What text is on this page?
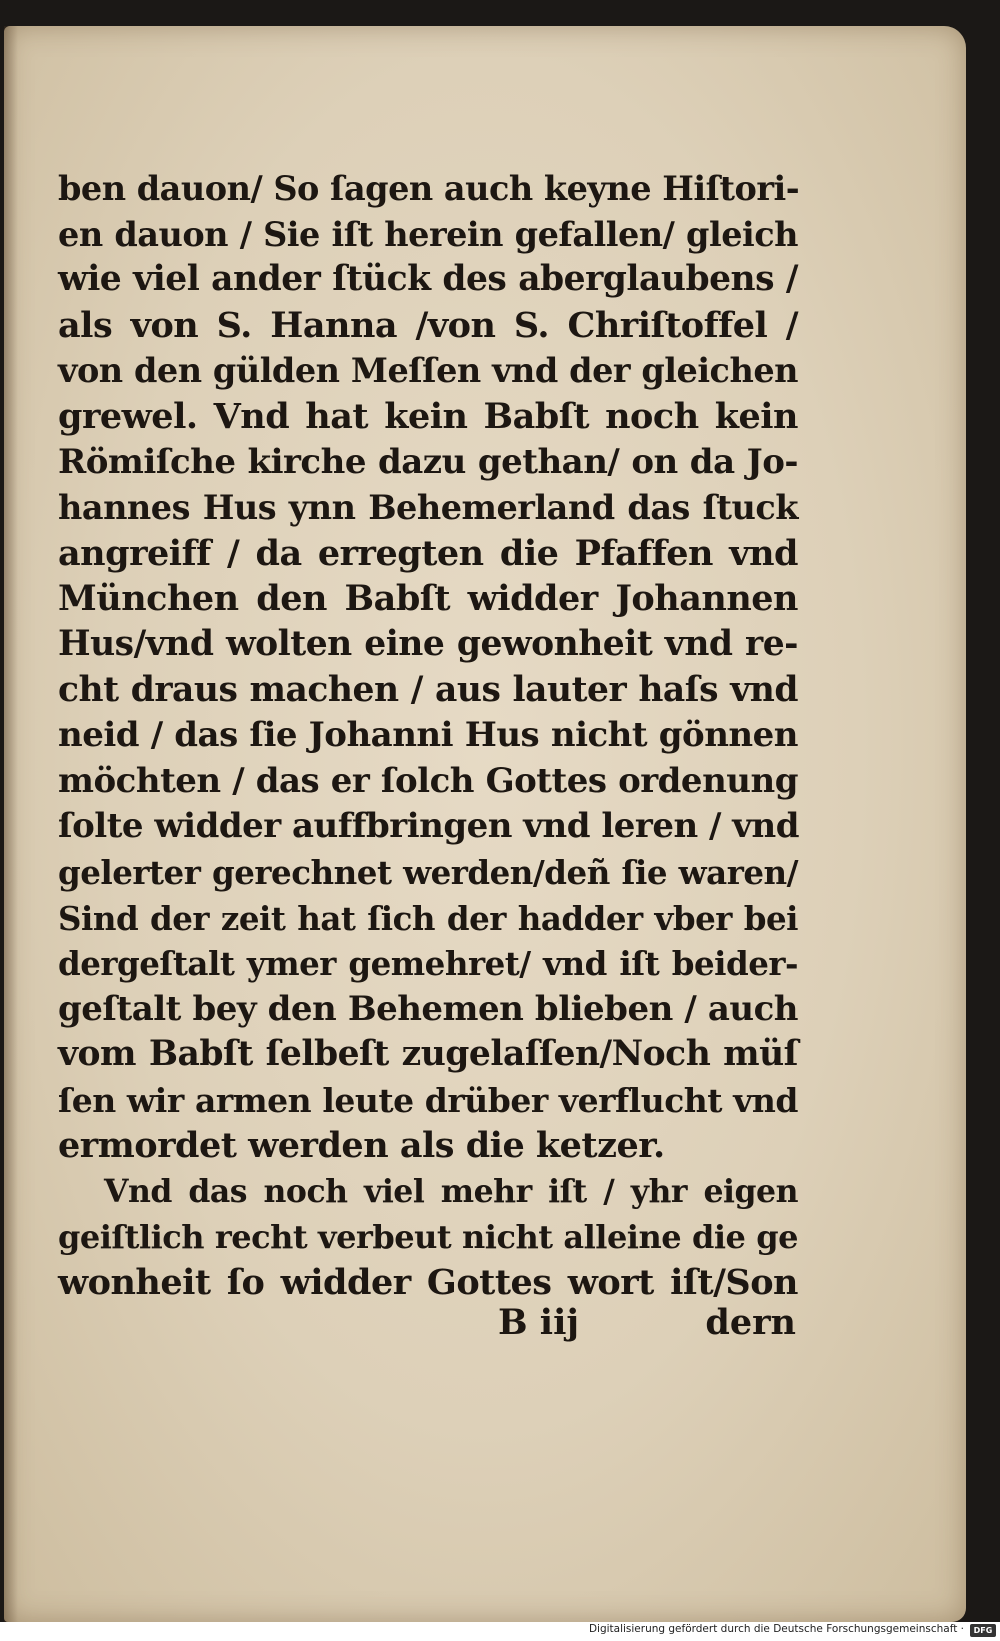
ben dauon/ So ſagen auch keyne Hiſtori-
en dauon / Sie iſt herein gefallen/ gleich
wie viel ander ſtück des aberglaubens /
als von S. Hanna /von S. Chriſtoffel /
von den gülden Meſſen vnd der gleichen
grewel. Vnd hat kein Babſt noch kein
Römiſche kirche dazu gethan/ on da Jo-
hannes Hus ynn Behemerland das ſtuck
angreiff / da erregten die Pfaffen vnd
München den Babſt widder Johannen
Hus/vnd wolten eine gewonheit vnd re-
cht draus machen / aus lauter haſs vnd
neid / das ſie Johanni Hus nicht gönnen
möchten / das er ſolch Gottes ordenung
ſolte widder auffbringen vnd leren / vnd
gelerter gerechnet werden/deñ ſie waren/
Sind der zeit hat ſich der hadder vber bei
dergeſtalt ymer gemehret/ vnd iſt beider-
geſtalt bey den Behemen blieben / auch
vom Babſt ſelbeſt zugelaſſen/Noch müſ
ſen wir armen leute drüber verflucht vnd
ermordet werden als die ketzer.
Vnd das noch viel mehr iſt / yhr eigen
geiſtlich recht verbeut nicht alleine die ge
wonheit ſo widder Gottes wort iſt/Son
B iij	dern
Digitalisierung gefördert durch die Deutsche Forschungsgemeinschaft ·	DFG
